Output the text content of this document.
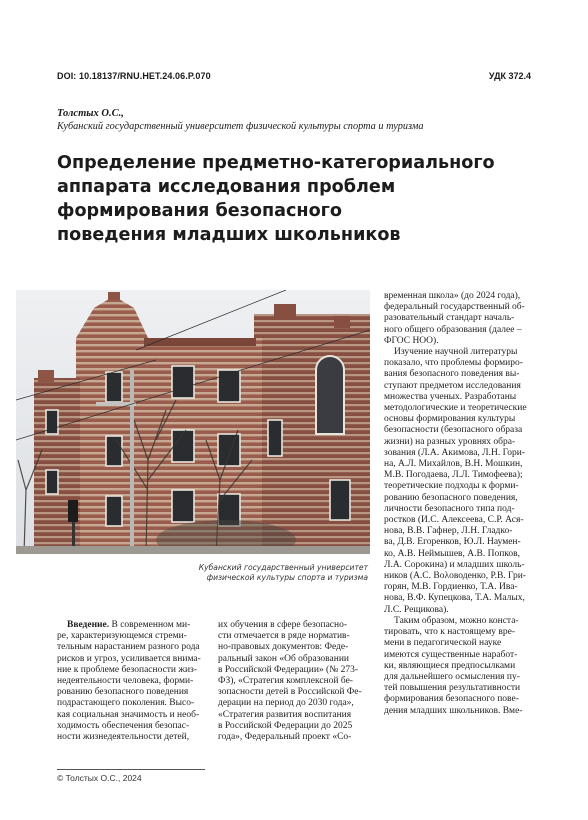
DOI: 10.18137/RNU.HET.24.06.P.070	УДК 372.4
Толстых О.С.,
Кубанский государственный университет физической культуры спорта и туризма
Определение предметно-категориального
аппарата исследования проблем
формирования безопасного
поведения младших школьников
Кубанский государственный университет
физической культуры спорта и туризма
Введение. В современном ми-
ре, характеризующемся стреми-
тельным нарастанием разного рода
рисков и угроз, усиливается внима-
ние к проблеме безопасности жиз-
недеятельности человека, форми-
рованию безопасного поведения
подрастающего поколения. Высо-
кая социальная значимость и необ-
ходимость обеспечения безопас-
ности жизнедеятельности детей,
их обучения в сфере безопасно-
сти отмечается в ряде норматив-
но-правовых документов: Феде-
ральный закон «Об образовании
в Российской Федерации» (№ 273-
ФЗ), «Стратегия комплексной бе-
зопасности детей в Российской Фе-
дерации на период до 2030 года»,
«Стратегия развития воспитания
в Российской Федерации до 2025
года», Федеральный проект «Со-
временная школа» (до 2024 года),
федеральный государственный об-
разовательный стандарт началь-
ного общего образования (далее –
ФГОС НОО).
Изучение научной литературы
показало, что проблемы формиро-
вания безопасного поведения вы-
ступают предметом исследования
множества ученых. Разработаны
методологические и теоретические
основы формирования культуры
безопасности (безопасного образа
жизни) на разных уровнях обра-
зования (Л.А. Акимова, Л.Н. Гори-
на, А.Л. Михайлов, В.Н. Мошкин,
М.В. Погодаева, Л.Л. Тимофеева);
теоретические подходы к форми-
рованию безопасного поведения,
личности безопасного типа под-
ростков (И.С. Алексеева, С.Р. Ася-
нова, В.В. Гафнер, Л.Н. Гладко-
ва, Д.В. Егоренков, Ю.Л. Наумен-
ко, А.В. Неймышев, А.В. Попков,
Л.А. Сорокина) и младших школь-
ников (А.С. Вολоводенко, Р.В. Гри-
горян, М.В. Гордиенко, Т.А. Ива-
нова, В.Ф. Купецкова, Т.А. Малых,
Л.С. Рещикова).
Таким образом, можно конста-
тировать, что к настоящему вре-
мени в педагогической науке
имеются существенные наработ-
ки, являющиеся предпосылками
для дальнейшего осмысления пу-
тей повышения результативности
формирования безопасного пове-
дения младших школьников. Вме-
© Толстых О.С., 2024
